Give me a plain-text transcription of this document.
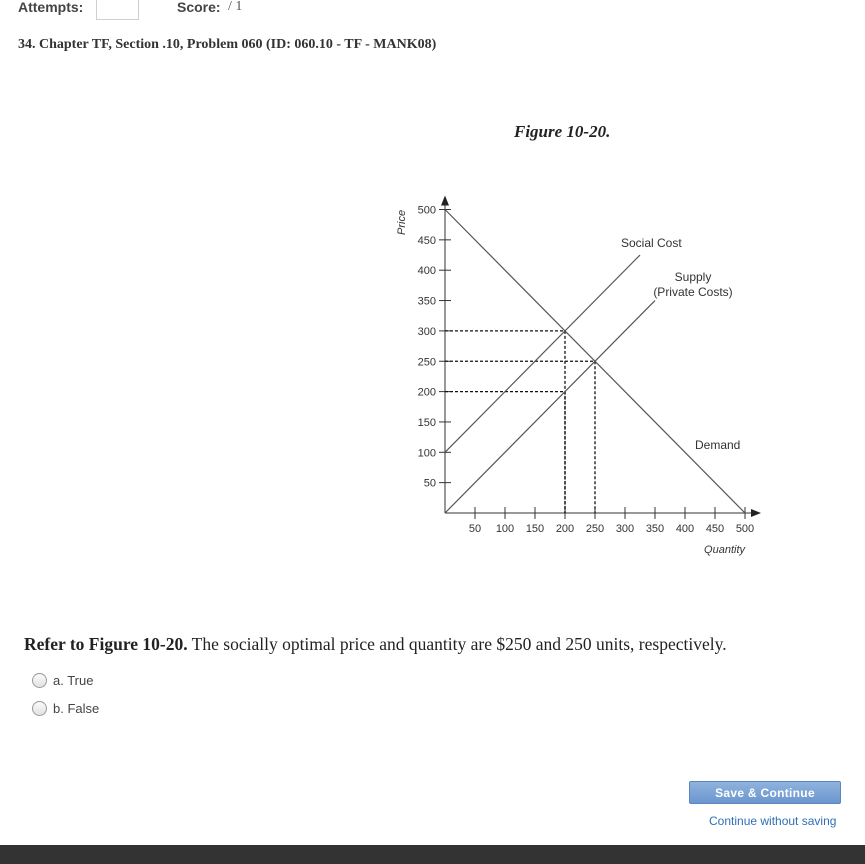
Attempts:	Score: / 1
34. Chapter TF, Section .10, Problem 060 (ID: 060.10 - TF - MANK08)
Figure 10-20.
50 100 150 200 250 300 350 400 450 500
50
100
150
200
250
300
350
400
450
500
Quantity
Price
Demand
Social Cost
Supply
(Private Costs)
Refer to Figure 10-20. The socially optimal price and quantity are $250 and 250 units, respectively.
a. True
b. False
Save & Continue
Continue without saving
